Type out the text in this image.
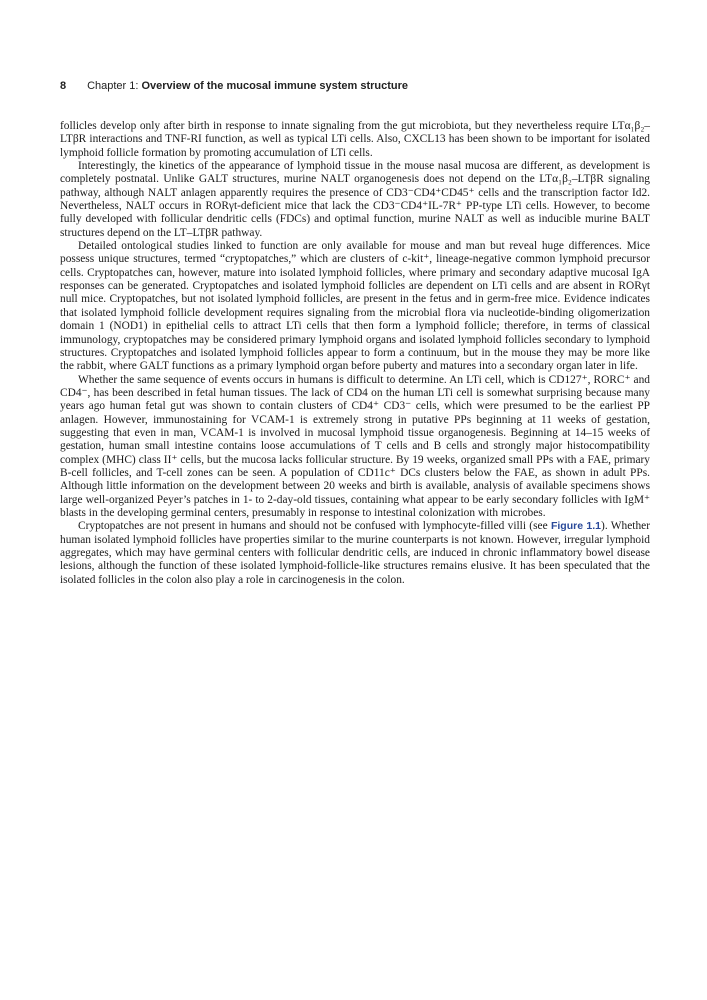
8 Chapter 1: Overview of the mucosal immune system structure

follicles develop only after birth in response to innate signaling from the gut microbiota, but they nevertheless require LTα₁β₂–LTβR interactions and TNF-RI function, as well as typical LTi cells. Also, CXCL13 has been shown to be important for isolated lymphoid follicle formation by promoting accumulation of LTi cells.

Interestingly, the kinetics of the appearance of lymphoid tissue in the mouse nasal mucosa are different, as development is completely postnatal. Unlike GALT structures, murine NALT organogenesis does not depend on the LTα₁β₂–LTβR signaling pathway, although NALT anlagen apparently requires the presence of CD3⁻CD4⁺CD45⁺ cells and the transcription factor Id2. Nevertheless, NALT occurs in RORγt-deficient mice that lack the CD3⁻CD4⁺IL-7R⁺ PP-type LTi cells. However, to become fully developed with follicular dendritic cells (FDCs) and optimal function, murine NALT as well as inducible murine BALT structures depend on the LT–LTβR pathway.

Detailed ontological studies linked to function are only available for mouse and man but reveal huge differences. Mice possess unique structures, termed “cryptopatches,” which are clusters of c-kit⁺, lineage-negative common lymphoid precursor cells. Cryptopatches can, however, mature into isolated lymphoid follicles, where primary and secondary adaptive mucosal IgA responses can be generated. Cryptopatches and isolated lymphoid follicles are dependent on LTi cells and are absent in RORγt null mice. Cryptopatches, but not isolated lymphoid follicles, are present in the fetus and in germ-free mice. Evidence indicates that isolated lymphoid follicle development requires signaling from the microbial flora via nucleotide-binding oligomerization domain 1 (NOD1) in epithelial cells to attract LTi cells that then form a lymphoid follicle; therefore, in terms of classical immunology, cryptopatches may be considered primary lymphoid organs and isolated lymphoid follicles secondary to lymphoid structures. Cryptopatches and isolated lymphoid follicles appear to form a continuum, but in the mouse they may be more like the rabbit, where GALT functions as a primary lymphoid organ before puberty and matures into a secondary organ later in life.

Whether the same sequence of events occurs in humans is difficult to determine. An LTi cell, which is CD127⁺, RORC⁺ and CD4⁻, has been described in fetal human tissues. The lack of CD4 on the human LTi cell is somewhat surprising because many years ago human fetal gut was shown to contain clusters of CD4⁺ CD3⁻ cells, which were presumed to be the earliest PP anlagen. However, immunostaining for VCAM-1 is extremely strong in putative PPs beginning at 11 weeks of gestation, suggesting that even in man, VCAM-1 is involved in mucosal lymphoid tissue organogenesis. Beginning at 14–15 weeks of gestation, human small intestine contains loose accumulations of T cells and B cells and strongly major histocompatibility complex (MHC) class II⁺ cells, but the mucosa lacks follicular structure. By 19 weeks, organized small PPs with a FAE, primary B-cell follicles, and T-cell zones can be seen. A population of CD11c⁺ DCs clusters below the FAE, as shown in adult PPs. Although little information on the development between 20 weeks and birth is available, analysis of available specimens shows large well-organized Peyer’s patches in 1- to 2-day-old tissues, containing what appear to be early secondary follicles with IgM⁺ blasts in the developing germinal centers, presumably in response to intestinal colonization with microbes.

Cryptopatches are not present in humans and should not be confused with lymphocyte-filled villi (see Figure 1.1). Whether human isolated lymphoid follicles have properties similar to the murine counterparts is not known. However, irregular lymphoid aggregates, which may have germinal centers with follicular dendritic cells, are induced in chronic inflammatory bowel disease lesions, although the function of these isolated lymphoid-follicle-like structures remains elusive. It has been speculated that the isolated follicles in the colon also play a role in carcinogenesis in the colon.
